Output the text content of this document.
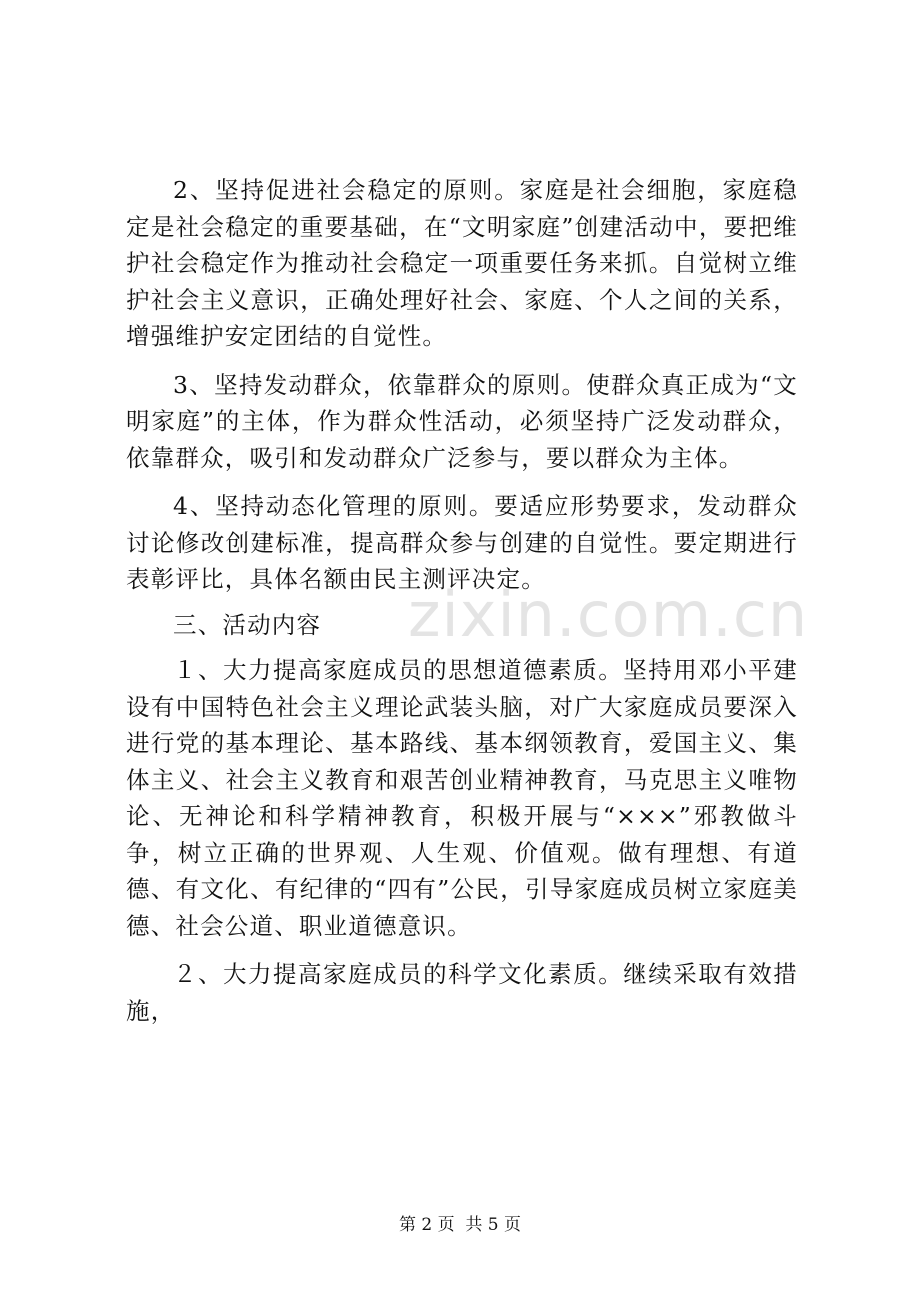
2、坚持促进社会稳定的原则。家庭是社会细胞，家庭稳定是社会稳定的重要基础，在“文明家庭”创建活动中，要把维护社会稳定作为推动社会稳定一项重要任务来抓。自觉树立维护社会主义意识，正确处理好社会、家庭、个人之间的关系，增强维护安定团结的自觉性。

3、坚持发动群众，依靠群众的原则。使群众真正成为“文明家庭”的主体，作为群众性活动，必须坚持广泛发动群众，依靠群众，吸引和发动群众广泛参与，要以群众为主体。

4、坚持动态化管理的原则。要适应形势要求，发动群众讨论修改创建标准，提高群众参与创建的自觉性。要定期进行表彰评比，具体名额由民主测评决定。

三、活动内容

１、大力提高家庭成员的思想道德素质。坚持用邓小平建设有中国特色社会主义理论武装头脑，对广大家庭成员要深入进行党的基本理论、基本路线、基本纲领教育，爱国主义、集体主义、社会主义教育和艰苦创业精神教育，马克思主义唯物论、无神论和科学精神教育，积极开展与“×××”邪教做斗争，树立正确的世界观、人生观、价值观。做有理想、有道德、有文化、有纪律的“四有”公民，引导家庭成员树立家庭美德、社会公道、职业道德意识。

２、大力提高家庭成员的科学文化素质。继续采取有效措施，

zixin.com.cn
第 2 页 共 5 页
